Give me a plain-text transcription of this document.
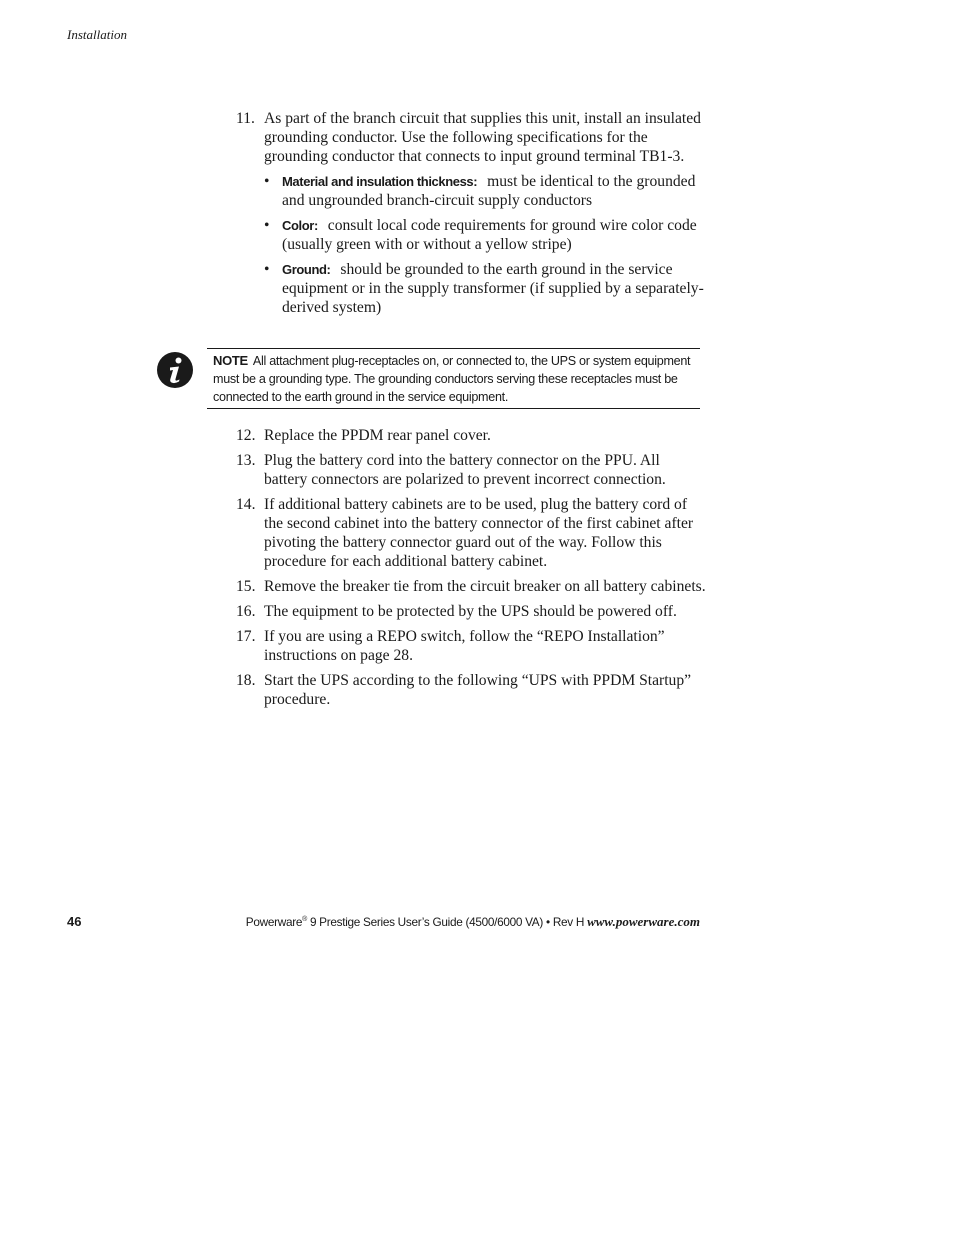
Installation
11. As part of the branch circuit that supplies this unit, install an insulated grounding conductor. Use the following specifications for the grounding conductor that connects to input ground terminal TB1-3.
• Material and insulation thickness: must be identical to the grounded and ungrounded branch-circuit supply conductors
• Color: consult local code requirements for ground wire color code (usually green with or without a yellow stripe)
• Ground: should be grounded to the earth ground in the service equipment or in the supply transformer (if supplied by a separately-derived system)
NOTE All attachment plug-receptacles on, or connected to, the UPS or system equipment must be a grounding type. The grounding conductors serving these receptacles must be connected to the earth ground in the service equipment.
12. Replace the PPDM rear panel cover.
13. Plug the battery cord into the battery connector on the PPU. All battery connectors are polarized to prevent incorrect connection.
14. If additional battery cabinets are to be used, plug the battery cord of the second cabinet into the battery connector of the first cabinet after pivoting the battery connector guard out of the way. Follow this procedure for each additional battery cabinet.
15. Remove the breaker tie from the circuit breaker on all battery cabinets.
16. The equipment to be protected by the UPS should be powered off.
17. If you are using a REPO switch, follow the “REPO Installation” instructions on page 28.
18. Start the UPS according to the following “UPS with PPDM Startup” procedure.
46	Powerware® 9 Prestige Series User’s Guide (4500/6000 VA) • Rev H www.powerware.com
